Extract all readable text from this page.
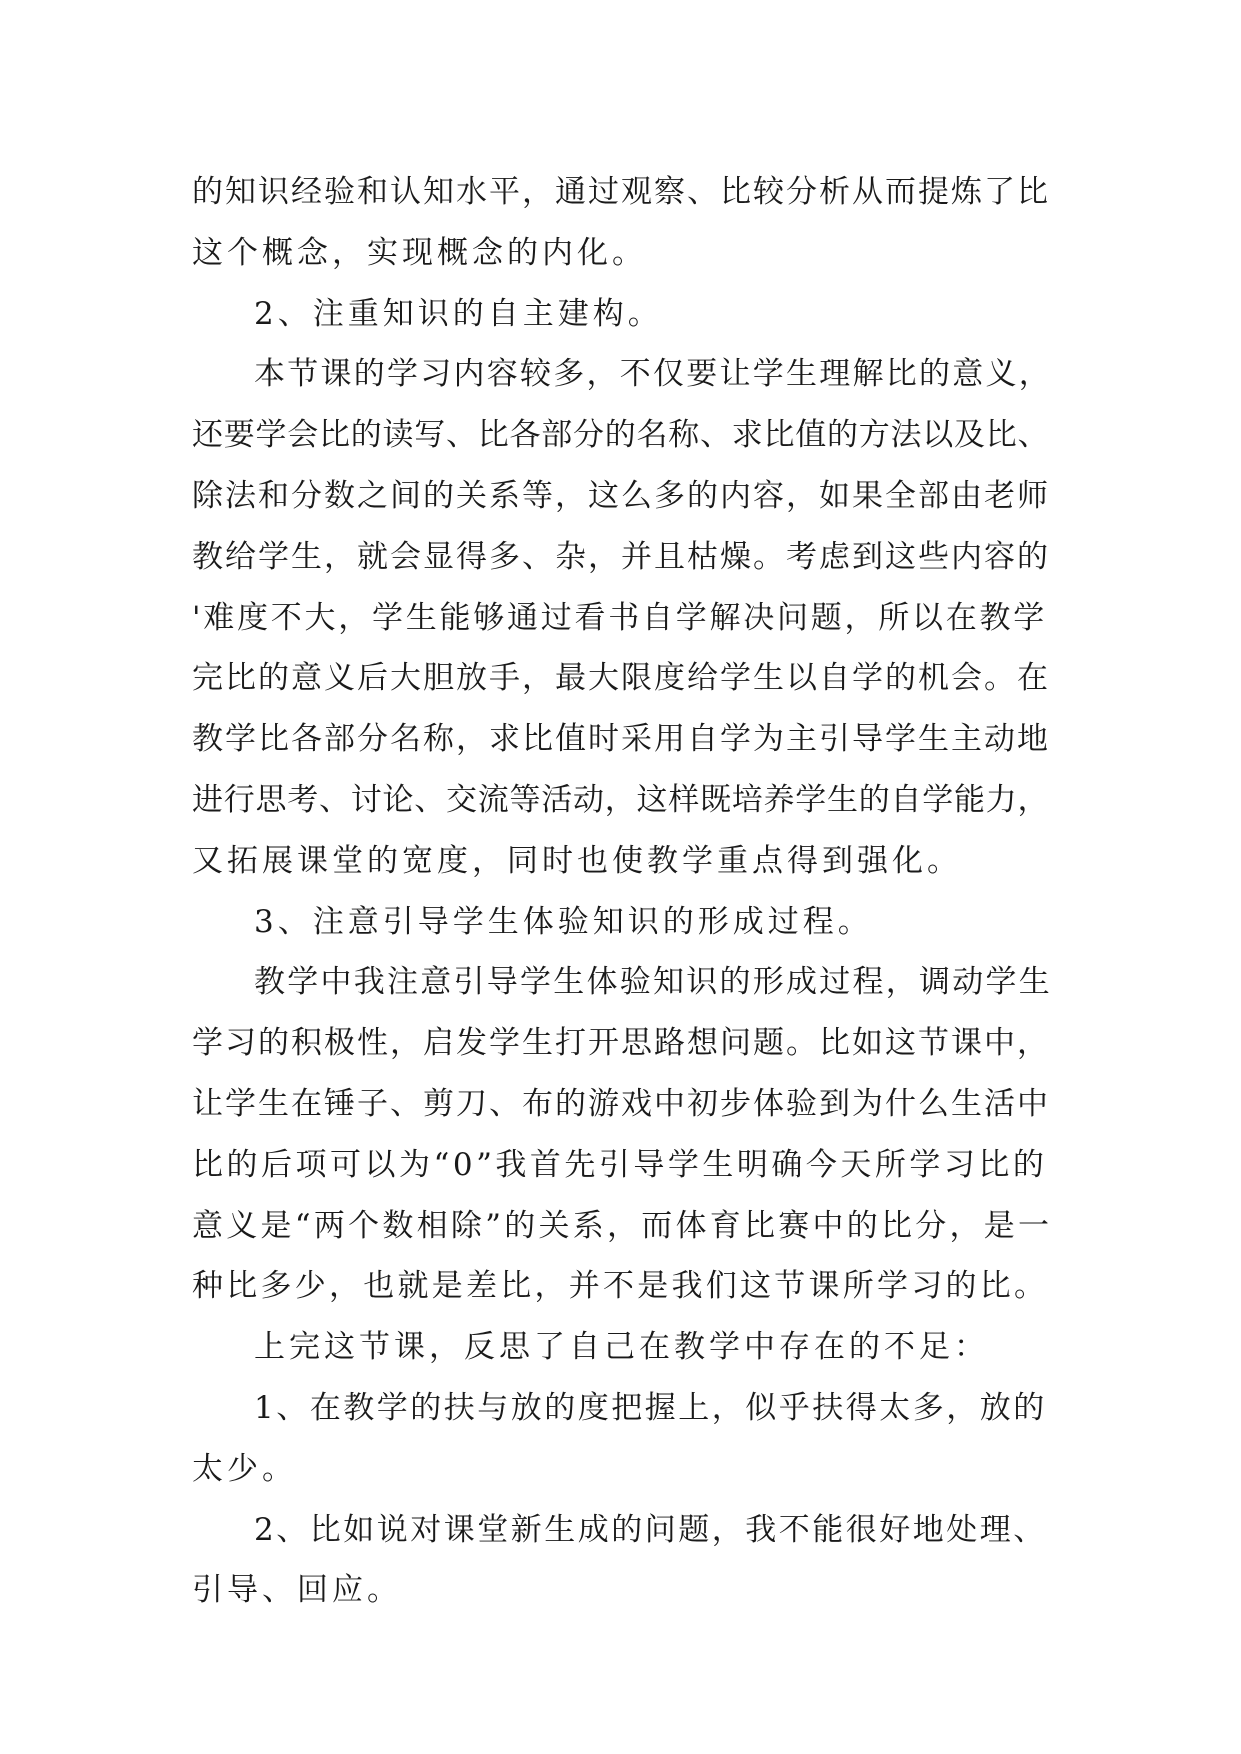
的知识经验和认知水平，通过观察、比较分析从而提炼了比
这个概念，实现概念的内化。
2、注重知识的自主建构。
本节课的学习内容较多，不仅要让学生理解比的意义，
还要学会比的读写、比各部分的名称、求比值的方法以及比、
除法和分数之间的关系等，这么多的内容，如果全部由老师
教给学生，就会显得多、杂，并且枯燥。考虑到这些内容的
'难度不大，学生能够通过看书自学解决问题，所以在教学
完比的意义后大胆放手，最大限度给学生以自学的机会。在
教学比各部分名称，求比值时采用自学为主引导学生主动地
进行思考、讨论、交流等活动，这样既培养学生的自学能力，
又拓展课堂的宽度，同时也使教学重点得到强化。
3、注意引导学生体验知识的形成过程。
教学中我注意引导学生体验知识的形成过程，调动学生
学习的积极性，启发学生打开思路想问题。比如这节课中，
让学生在锤子、剪刀、布的游戏中初步体验到为什么生活中
比的后项可以为“0”我首先引导学生明确今天所学习比的
意义是“两个数相除”的关系，而体育比赛中的比分，是一
种比多少，也就是差比，并不是我们这节课所学习的比。
上完这节课，反思了自己在教学中存在的不足：
1、在教学的扶与放的度把握上，似乎扶得太多，放的
太少。
2、比如说对课堂新生成的问题，我不能很好地处理、
引导、回应。
